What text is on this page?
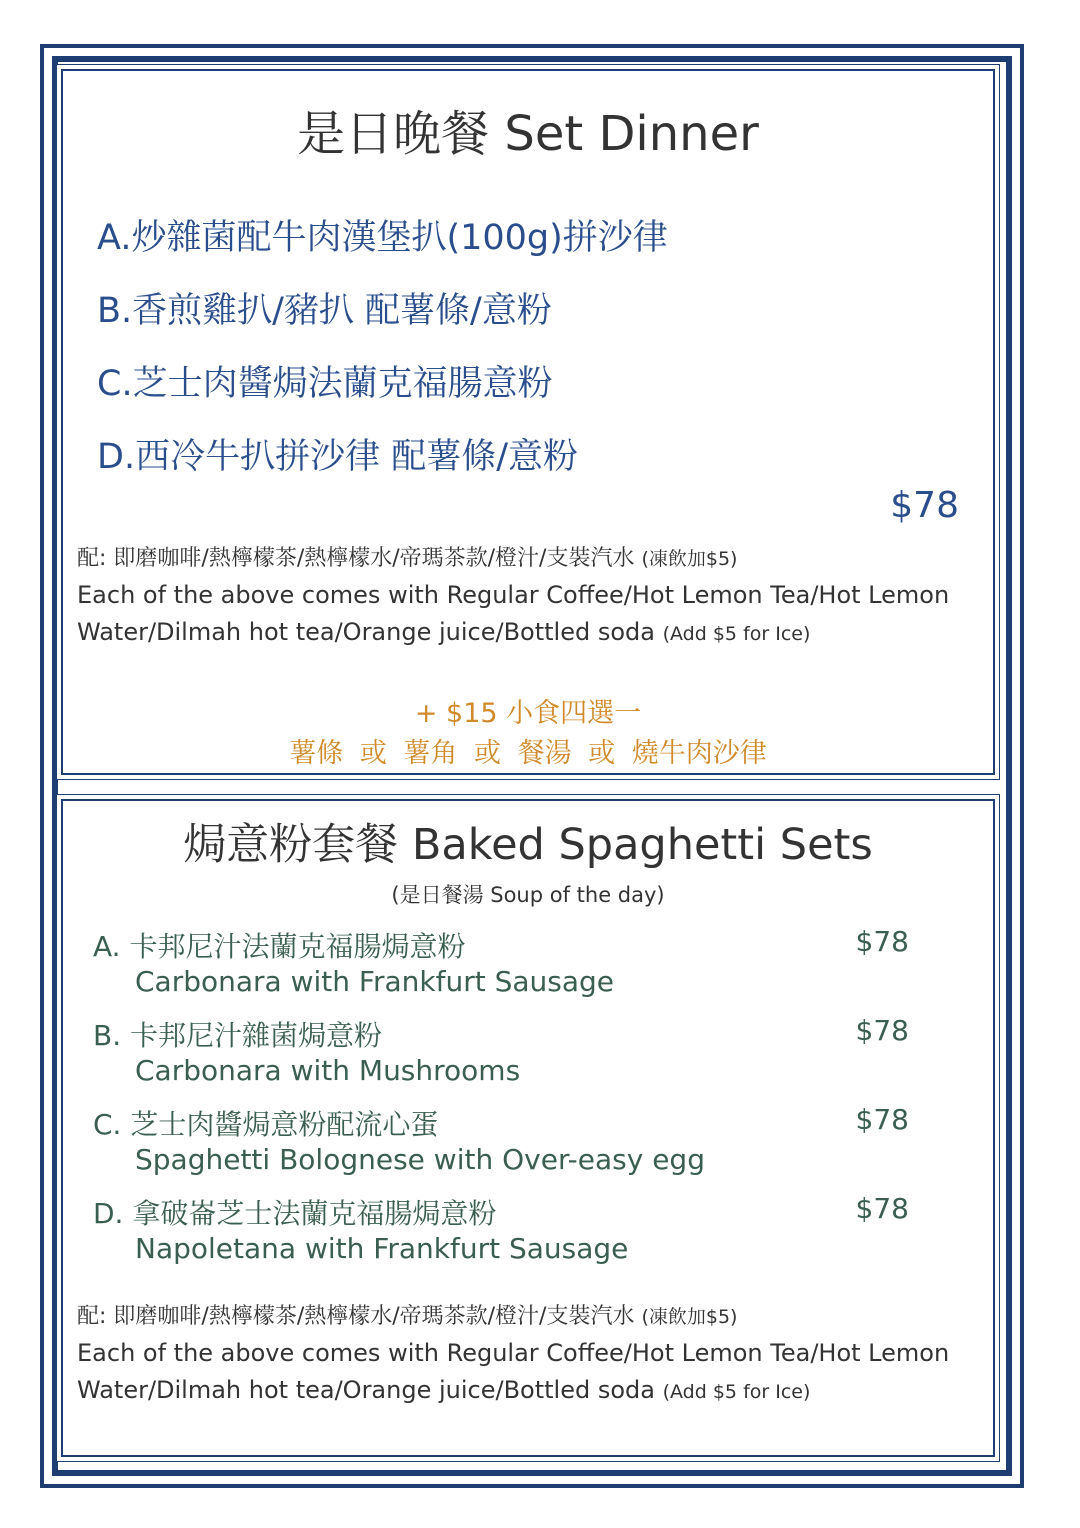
是日晚餐 Set Dinner
A.炒雜菌配牛肉漢堡扒(100g)拼沙律
B.香煎雞扒/豬扒 配薯條/意粉
C.芝士肉醬焗法蘭克福腸意粉
D.西冷牛扒拼沙律 配薯條/意粉
$78
配: 即磨咖啡/熱檸檬茶/熱檸檬水/帝瑪茶款/橙汁/支裝汽水 (凍飲加$5)
Each of the above comes with Regular Coffee/Hot Lemon Tea/Hot Lemon Water/Dilmah hot tea/Orange juice/Bottled soda (Add $5 for Ice)
+ $15 小食四選一
薯條 或 薯角 或 餐湯 或 燒牛肉沙律
焗意粉套餐 Baked Spaghetti Sets
(是日餐湯 Soup of the day)
A. 卡邦尼汁法蘭克福腸焗意粉
Carbonara with Frankfurt Sausage
$78
B. 卡邦尼汁雜菌焗意粉
Carbonara with Mushrooms
$78
C. 芝士肉醬焗意粉配流心蛋
Spaghetti Bolognese with Over-easy egg
$78
D. 拿破崙芝士法蘭克福腸焗意粉
Napoletana with Frankfurt Sausage
$78
配: 即磨咖啡/熱檸檬茶/熱檸檬水/帝瑪茶款/橙汁/支裝汽水 (凍飲加$5)
Each of the above comes with Regular Coffee/Hot Lemon Tea/Hot Lemon Water/Dilmah hot tea/Orange juice/Bottled soda (Add $5 for Ice)
